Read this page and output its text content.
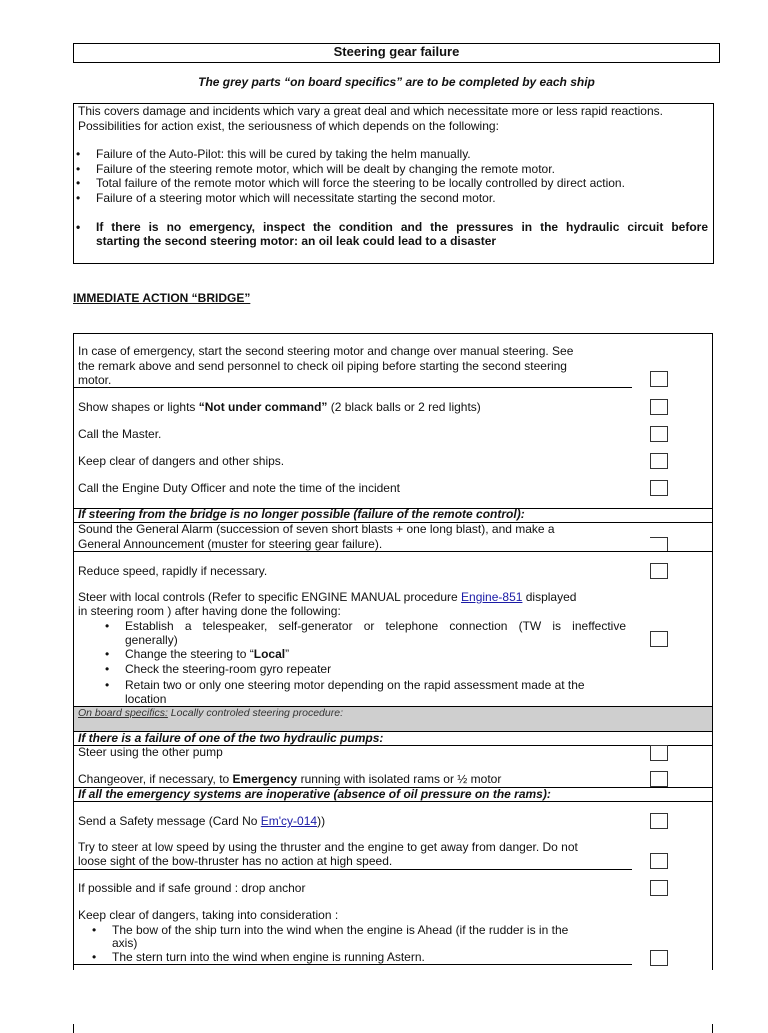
Steering gear failure
The grey parts “on board specifics” are to be completed by each ship
This covers damage and incidents which vary a great deal and which necessitate more or less rapid reactions.
Possibilities for action exist, the seriousness of which depends on the following:
• Failure of the Auto-Pilot: this will be cured by taking the helm manually.
• Failure of the steering remote motor, which will be dealt by changing the remote motor.
• Total failure of the remote motor which will force the steering to be locally controlled by direct action.
• Failure of a steering motor which will necessitate starting the second motor.
• If there is no emergency, inspect the condition and the pressures in the hydraulic circuit before
starting the second steering motor: an oil leak could lead to a disaster
IMMEDIATE ACTION “BRIDGE”
In case of emergency, start the second steering motor and change over manual steering. See
the remark above and send personnel to check oil piping before starting the second steering
motor.
Show shapes or lights “Not under command” (2 black balls or 2 red lights)
Call the Master.
Keep clear of dangers and other ships.
Call the Engine Duty Officer and note the time of the incident
If steering from the bridge is no longer possible (failure of the remote control):
Sound the General Alarm (succession of seven short blasts + one long blast), and make a
General Announcement (muster for steering gear failure).
Reduce speed, rapidly if necessary.
Steer with local controls (Refer to specific ENGINE MANUAL procedure Engine-851 displayed
in steering room ) after having done the following:
• Establish a telespeaker, self-generator or telephone connection (TW is ineffective
generally)
• Change the steering to “Local”
• Check the steering-room gyro repeater
• Retain two or only one steering motor depending on the rapid assessment made at the
location
On board specifics: Locally controled steering procedure:
If there is a failure of one of the two hydraulic pumps:
Steer using the other pump
Changeover, if necessary, to Emergency running with isolated rams or ½ motor
If all the emergency systems are inoperative (absence of oil pressure on the rams):
Send a Safety message (Card No Em'cy-014))
Try to steer at low speed by using the thruster and the engine to get away from danger. Do not
loose sight of the bow-thruster has no action at high speed.
If possible and if safe ground : drop anchor
Keep clear of dangers, taking into consideration :
• The bow of the ship turn into the wind when the engine is Ahead (if the rudder is in the
axis)
• The stern turn into the wind when engine is running Astern.
